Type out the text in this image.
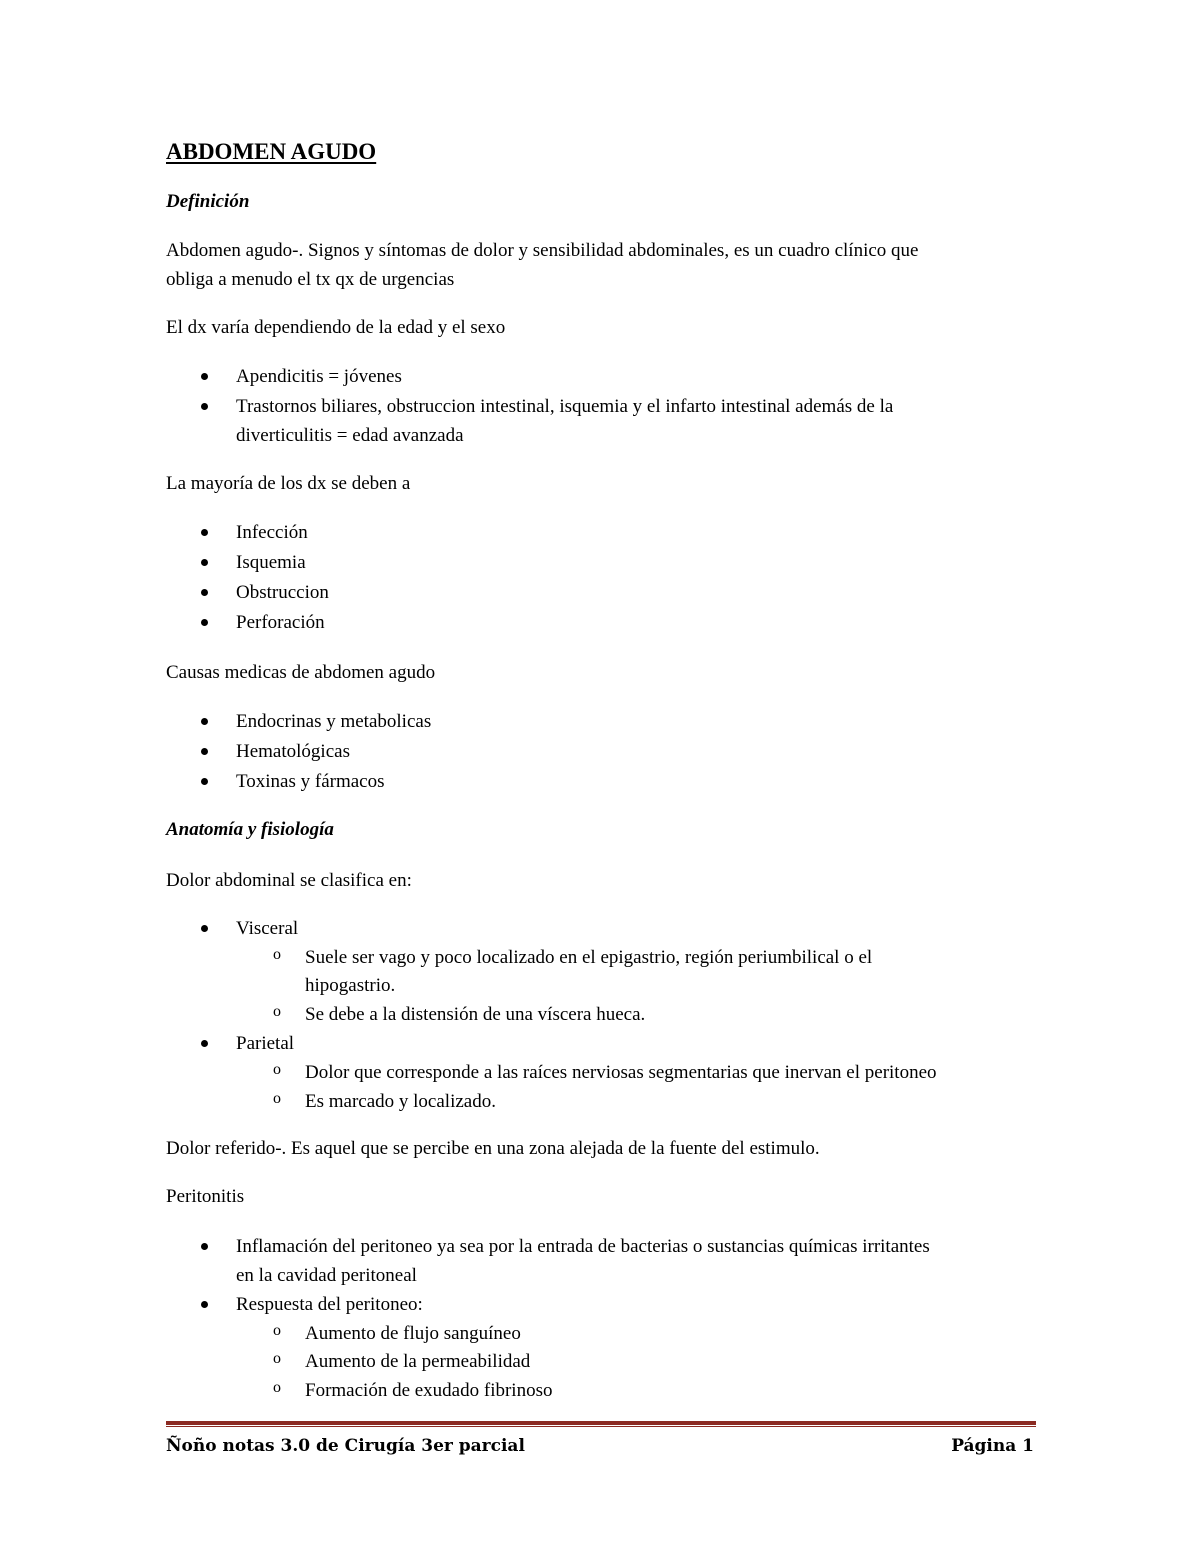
ABDOMEN AGUDO
Definición
Abdomen agudo-. Signos y síntomas de dolor y sensibilidad abdominales, es un cuadro clínico que
obliga a menudo el tx qx de urgencias
El dx varía dependiendo de la edad y el sexo
Apendicitis = jóvenes
Trastornos biliares, obstruccion intestinal, isquemia y el infarto intestinal además de la
diverticulitis = edad avanzada
La mayoría de los dx se deben a
Infección
Isquemia
Obstruccion
Perforación
Causas medicas de abdomen agudo
Endocrinas y metabolicas
Hematológicas
Toxinas y fármacos
Anatomía y fisiología
Dolor abdominal se clasifica en:
Visceral
o Suele ser vago y poco localizado en el epigastrio, región periumbilical o el
hipogastrio.
o Se debe a la distensión de una víscera hueca.
Parietal
o Dolor que corresponde a las raíces nerviosas segmentarias que inervan el peritoneo
o Es marcado y localizado.
Dolor referido-. Es aquel que se percibe en una zona alejada de la fuente del estimulo.
Peritonitis
Inflamación del peritoneo ya sea por la entrada de bacterias o sustancias químicas irritantes
en la cavidad peritoneal
Respuesta del peritoneo:
o Aumento de flujo sanguíneo
o Aumento de la permeabilidad
o Formación de exudado fibrinoso
Ñoño notas 3.0 de Cirugía 3er parcial	Página 1
